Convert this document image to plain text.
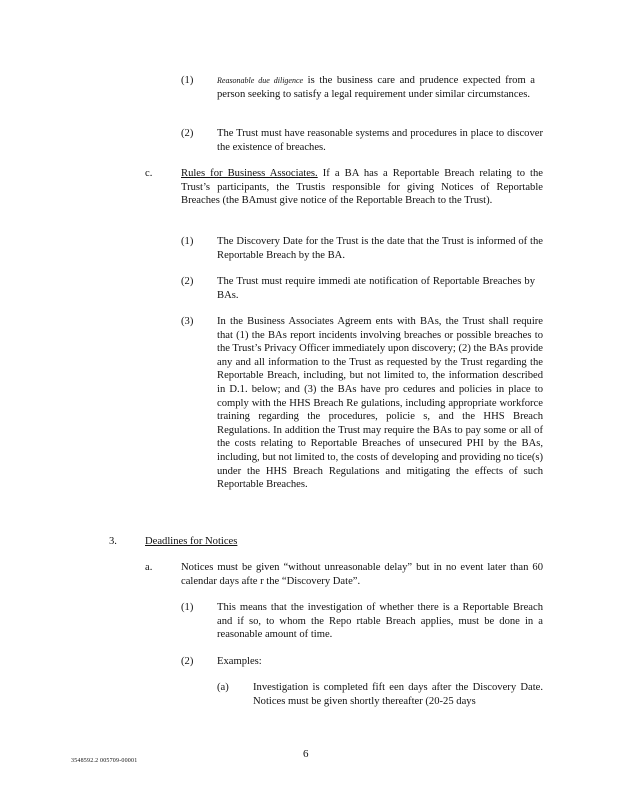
(1)	Reasonable due diligence is the business care and prudence expected from a person seeking to satisfy a legal requirement under similar circumstances.
(2) The Trust must have reasonable systems and procedures in place to discover the existence of breaches.
c.	Rules for Business Associates. If a BA has a Reportable Breach relating to the Trust’s participants, the Trustis responsible for giving Notices of Reportable Breaches (the BAmust give notice of the Reportable Breach to the Trust).
(1) The Discovery Date for the Trust is the date that the Trust is informed of the Reportable Breach by the BA.
(2) The Trust must require immedi ate notification of Reportable Breaches by BAs.
(3) In the Business Associates Agreem ents with BAs, the Trust shall require that (1) the BAs report incidents involving breaches or possible breaches to the Trust’s Privacy Officer immediately upon discovery; (2) the BAs provide any and all information to the Trust as requested by the Trust regarding the Reportable Breach, including, but not limited to, the information described in D.1. below; and (3) the BAs have pro cedures and policies in place to comply with the HHS Breach Re gulations, including appropriate workforce training regarding the procedures, policie s, and the HHS Breach Regulations. In addition the Trust may require the BAs to pay some or all of the costs relating to Reportable Breaches of unsecured PHI by the BAs, including, but not limited to, the costs of developing and providing no tice(s) under the HHS Breach Regulations and mitigating the effects of such Reportable Breaches.
3.	Deadlines for Notices
a.	Notices must be given “without unreasonable delay” but in no event later than 60 calendar days afte r the “Discovery Date”.
(1) This means that the investigation of whether there is a Reportable Breach and if so, to whom the Repo rtable Breach applies, must be done in a reasonable amount of time.
(2) Examples:
(a) Investigation is completed fift een days after the Discovery Date. Notices must be given shortly thereafter (20-25 days
3548592.2 005709-00001
6
